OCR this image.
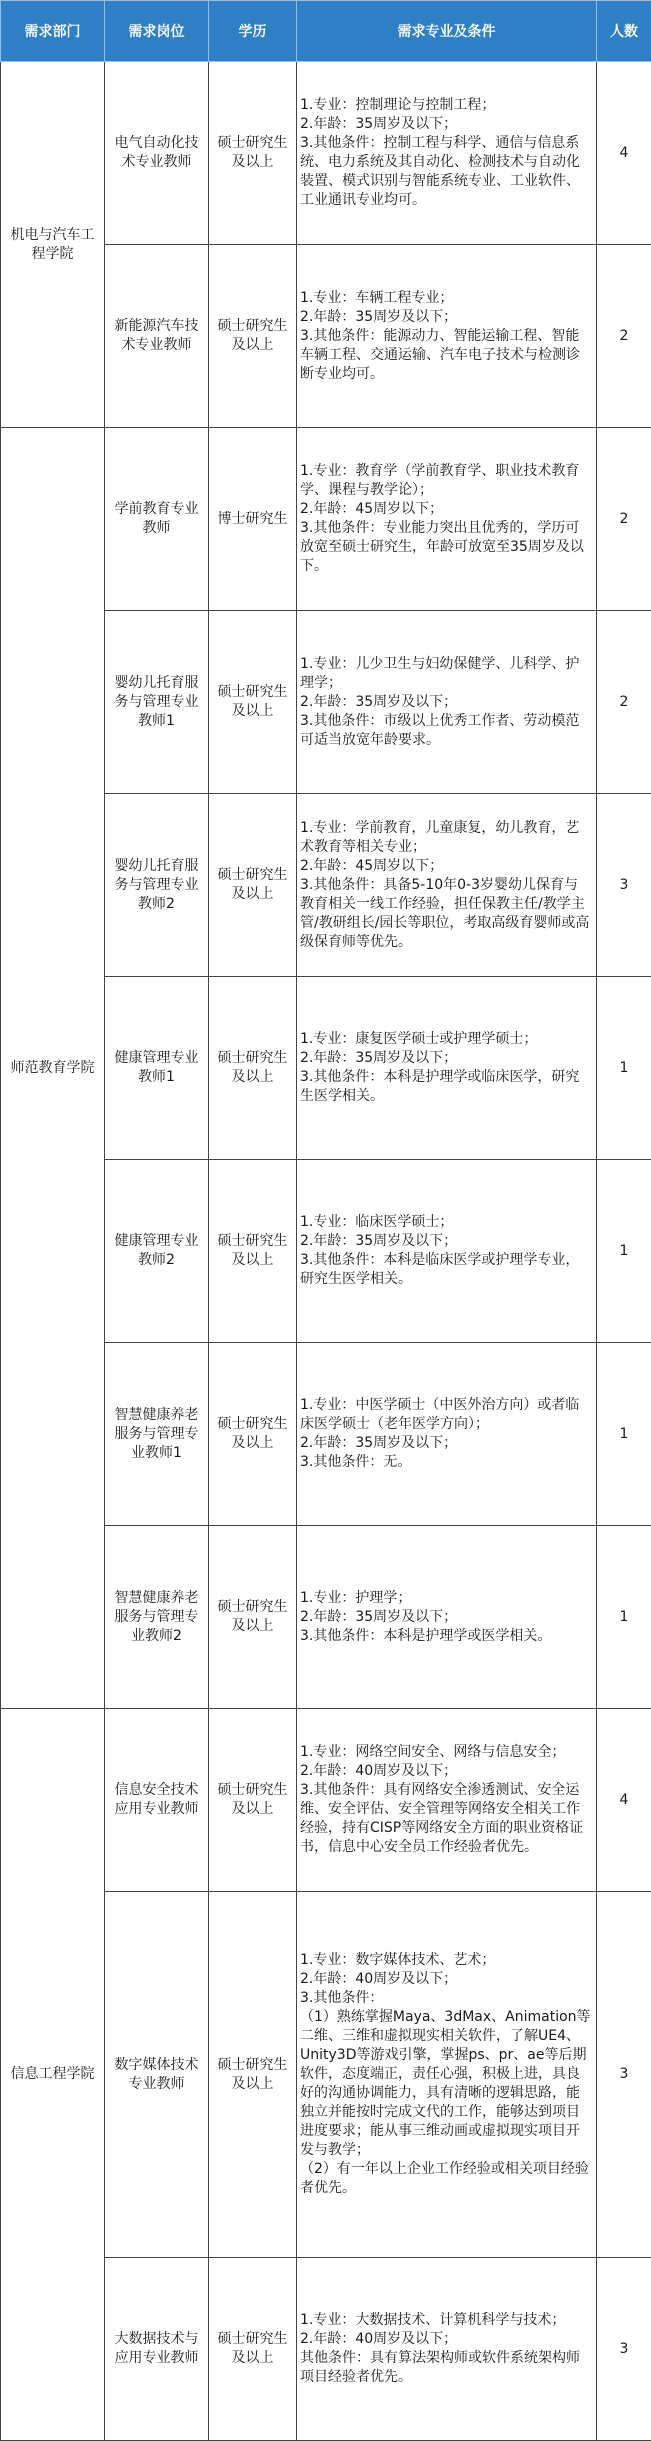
需求部门	需求岗位	学历	需求专业及条件	人数
机电与汽车工程学院	电气自动化技术专业教师	硕士研究生及以上	1.专业：控制理论与控制工程；
2.年龄：35周岁及以下；
3.其他条件：控制工程与科学、通信与信息系统、电力系统及其自动化、检测技术与自动化装置、模式识别与智能系统专业、工业软件、工业通讯专业均可。	4
	新能源汽车技术专业教师	硕士研究生及以上	1.专业：车辆工程专业；
2.年龄：35周岁及以下；
3.其他条件：能源动力、智能运输工程、智能车辆工程、交通运输、汽车电子技术与检测诊断专业均可。	2
师范教育学院	学前教育专业教师	博士研究生	1.专业：教育学（学前教育学、职业技术教育学、课程与教学论）；
2.年龄：45周岁以下；
3.其他条件：专业能力突出且优秀的，学历可放宽至硕士研究生，年龄可放宽至35周岁及以下。	2
	婴幼儿托育服务与管理专业教师1	硕士研究生及以上	1.专业：儿少卫生与妇幼保健学、儿科学、护理学；
2.年龄：35周岁及以下；
3.其他条件：市级以上优秀工作者、劳动模范可适当放宽年龄要求。	2
	婴幼儿托育服务与管理专业教师2	硕士研究生及以上	1.专业：学前教育，儿童康复，幼儿教育，艺术教育等相关专业；
2.年龄：45周岁以下；
3.其他条件：具备5-10年0-3岁婴幼儿保育与教育相关一线工作经验，担任保教主任/教学主管/教研组长/园长等职位，考取高级育婴师或高级保育师等优先。	3
	健康管理专业教师1	硕士研究生及以上	1.专业：康复医学硕士或护理学硕士；
2.年龄：35周岁及以下；
3.其他条件：本科是护理学或临床医学，研究生医学相关。	1
	健康管理专业教师2	硕士研究生及以上	1.专业：临床医学硕士；
2.年龄：35周岁及以下；
3.其他条件：本科是临床医学或护理学专业，研究生医学相关。	1
	智慧健康养老服务与管理专业教师1	硕士研究生及以上	1.专业：中医学硕士（中医外治方向）或者临床医学硕士（老年医学方向）；
2.年龄：35周岁及以下；
3.其他条件：无。	1
	智慧健康养老服务与管理专业教师2	硕士研究生及以上	1.专业：护理学；
2.年龄：35周岁及以下；
3.其他条件：本科是护理学或医学相关。	1
信息工程学院	信息安全技术应用专业教师	硕士研究生及以上	1.专业：网络空间安全、网络与信息安全；
2.年龄：40周岁及以下；
3.其他条件：具有网络安全渗透测试、安全运维、安全评估、安全管理等网络安全相关工作经验，持有CISP等网络安全方面的职业资格证书，信息中心安全员工作经验者优先。	4
	数字媒体技术专业教师	硕士研究生及以上	1.专业：数字媒体技术、艺术；
2.年龄：40周岁及以下；
3.其他条件：
（1）熟练掌握Maya、3dMax、Animation等二维、三维和虚拟现实相关软件，了解UE4、Unity3D等游戏引擎，掌握ps、pr、ae等后期软件，态度端正，责任心强，积极上进，具良好的沟通协调能力，具有清晰的逻辑思路，能独立并能按时完成文代的工作，能够达到项目进度要求；能从事三维动画或虚拟现实项目开发与教学；
（2）有一年以上企业工作经验或相关项目经验者优先。	3
	大数据技术与应用专业教师	硕士研究生及以上	1.专业：大数据技术、计算机科学与技术；
2.年龄：40周岁及以下；
其他条件：具有算法架构师或软件系统架构师项目经验者优先。	3
